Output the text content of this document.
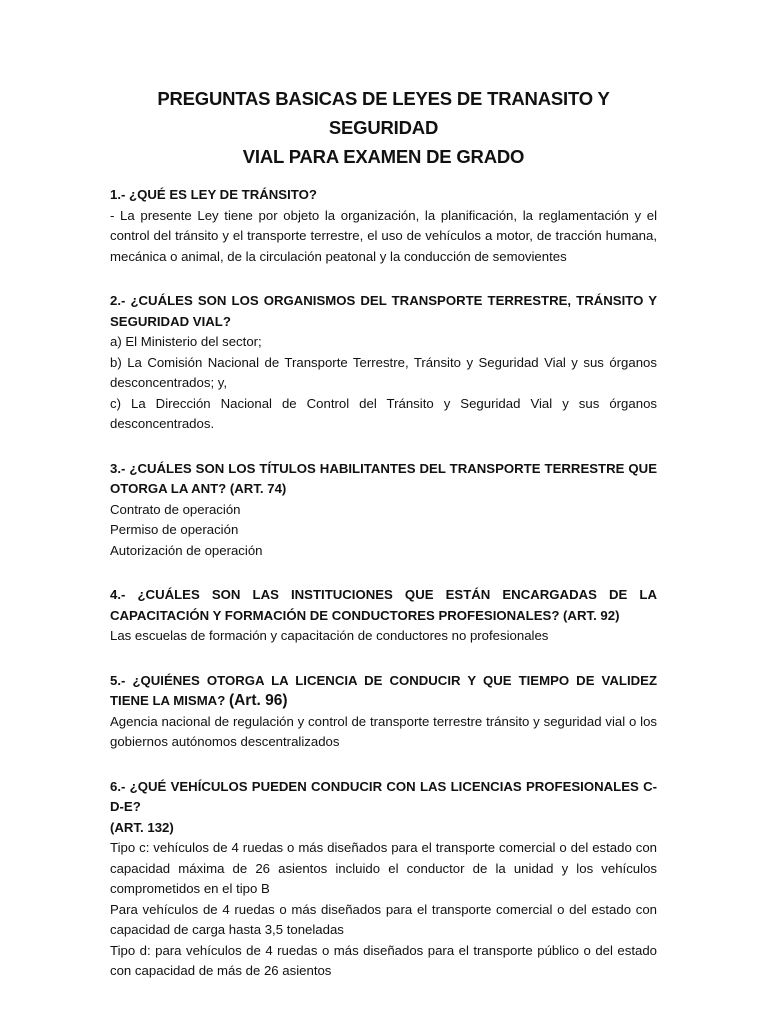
PREGUNTAS BASICAS DE LEYES DE TRANASITO Y SEGURIDAD
VIAL PARA EXAMEN DE GRADO

1.- ¿QUÉ ES LEY DE TRÁNSITO?

- La presente Ley tiene por objeto la organización, la planificación, la reglamentación y el control del tránsito y el transporte terrestre, el uso de vehículos a motor, de tracción humana, mecánica o animal, de la circulación peatonal y la conducción de semovientes

2.- ¿CUÁLES SON LOS ORGANISMOS DEL TRANSPORTE TERRESTRE, TRÁNSITO Y SEGURIDAD VIAL?

a) El Ministerio del sector;
b) La Comisión Nacional de Transporte Terrestre, Tránsito y Seguridad Vial y sus órganos desconcentrados; y,
c) La Dirección Nacional de Control del Tránsito y Seguridad Vial y sus órganos desconcentrados.

3.- ¿CUÁLES SON LOS TÍTULOS HABILITANTES DEL TRANSPORTE TERRESTRE QUE OTORGA LA ANT? (ART. 74)

Contrato de operación
Permiso de operación
Autorización de operación

4.- ¿CUÁLES SON LAS INSTITUCIONES QUE ESTÁN ENCARGADAS DE LA CAPACITACIÓN Y FORMACIÓN DE CONDUCTORES PROFESIONALES? (ART. 92)

Las escuelas de formación y capacitación de conductores no profesionales

5.- ¿QUIÉNES OTORGA LA LICENCIA DE CONDUCIR Y QUE TIEMPO DE VALIDEZ TIENE LA MISMA? (Art. 96)

Agencia nacional de regulación y control de transporte terrestre tránsito y seguridad vial o los gobiernos autónomos descentralizados

6.- ¿QUÉ VEHÍCULOS PUEDEN CONDUCIR CON LAS LICENCIAS PROFESIONALES C-D-E?
(ART. 132)

Tipo c: vehículos de 4 ruedas o más diseñados para el transporte comercial o del estado con capacidad máxima de 26 asientos incluido el conductor de la unidad y los vehículos comprometidos en el tipo B
Para vehículos de 4 ruedas o más diseñados para el transporte comercial o del estado con capacidad de carga hasta 3,5 toneladas
Tipo d: para vehículos de 4 ruedas o más diseñados para el transporte público o del estado con capacidad de más de 26 asientos
